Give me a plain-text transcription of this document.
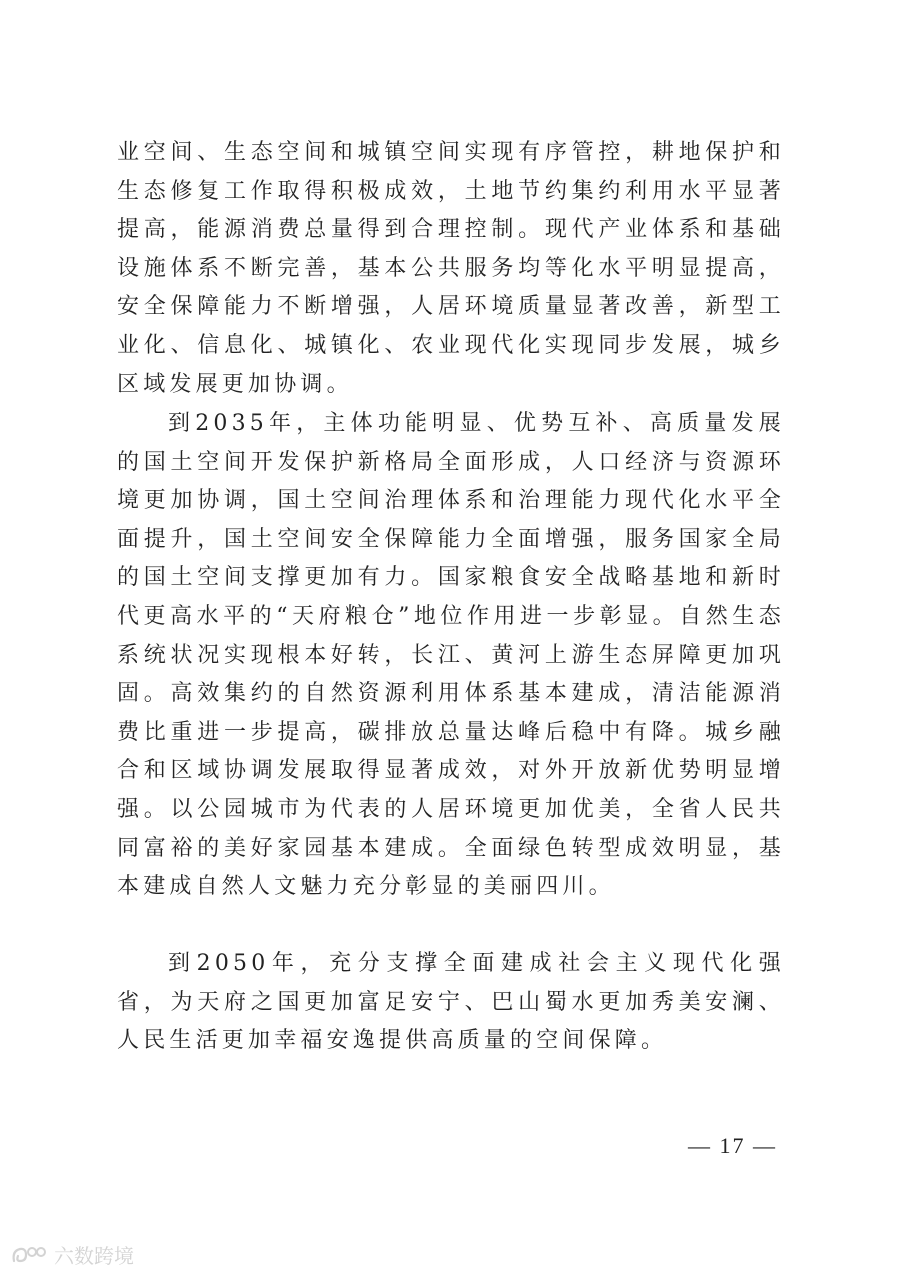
业空间、生态空间和城镇空间实现有序管控，耕地保护和生态修复工作取得积极成效，土地节约集约利用水平显著提高，能源消费总量得到合理控制。现代产业体系和基础设施体系不断完善，基本公共服务均等化水平明显提高，安全保障能力不断增强，人居环境质量显著改善，新型工业化、信息化、城镇化、农业现代化实现同步发展，城乡区域发展更加协调。

到2035年，主体功能明显、优势互补、高质量发展的国土空间开发保护新格局全面形成，人口经济与资源环境更加协调，国土空间治理体系和治理能力现代化水平全面提升，国土空间安全保障能力全面增强，服务国家全局的国土空间支撑更加有力。国家粮食安全战略基地和新时代更高水平的“天府粮仓”地位作用进一步彰显。自然生态系统状况实现根本好转，长江、黄河上游生态屏障更加巩固。高效集约的自然资源利用体系基本建成，清洁能源消费比重进一步提高，碳排放总量达峰后稳中有降。城乡融合和区域协调发展取得显著成效，对外开放新优势明显增强。以公园城市为代表的人居环境更加优美，全省人民共同富裕的美好家园基本建成。全面绿色转型成效明显，基本建成自然人文魅力充分彰显的美丽四川。

到2050年，充分支撑全面建成社会主义现代化强省，为天府之国更加富足安宁、巴山蜀水更加秀美安澜、人民生活更加幸福安逸提供高质量的空间保障。

— 17 —
六数跨境
